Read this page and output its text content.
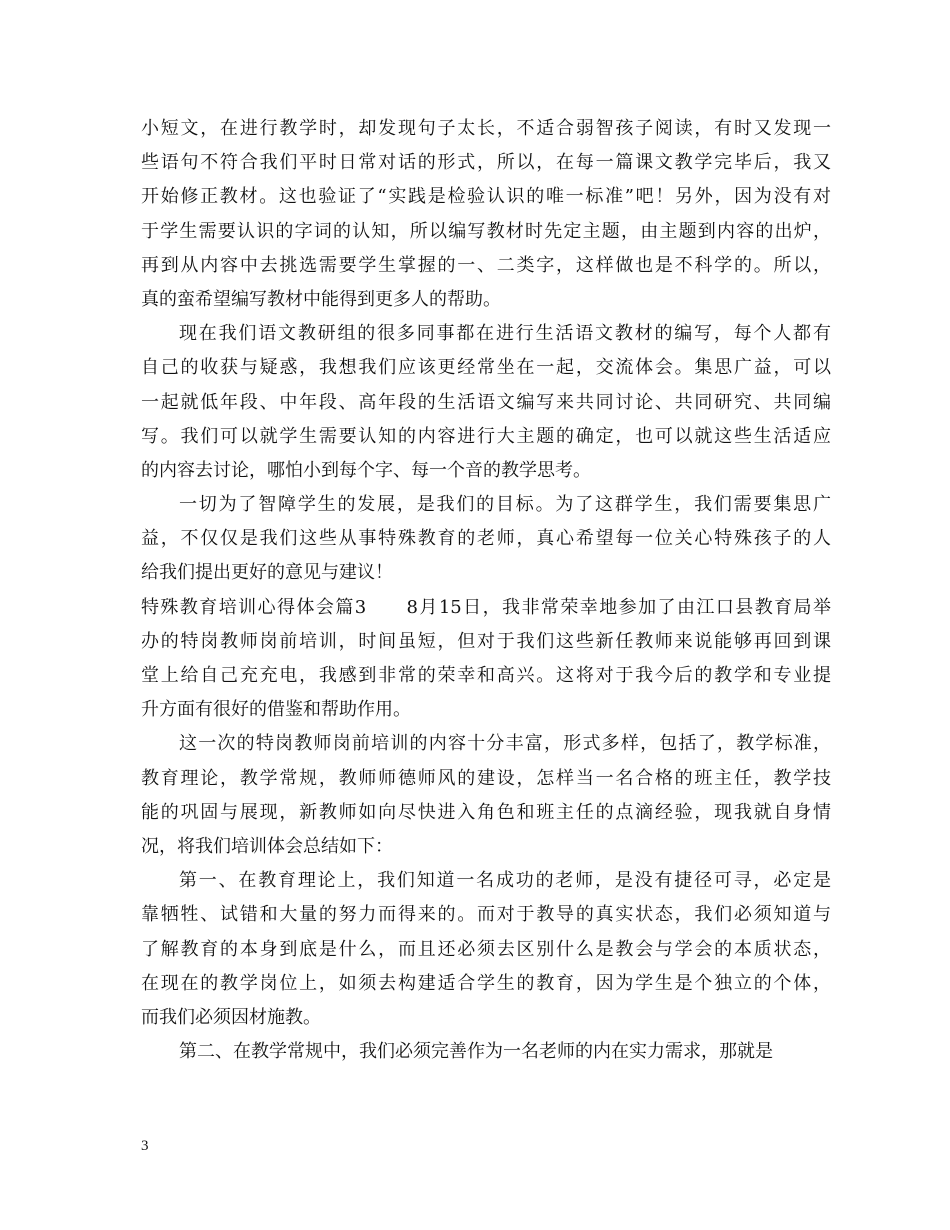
小短文，在进行教学时，却发现句子太长，不适合弱智孩子阅读，有时又发现一
些语句不符合我们平时日常对话的形式，所以，在每一篇课文教学完毕后，我又
开始修正教材。这也验证了“实践是检验认识的唯一标准”吧！另外，因为没有对
于学生需要认识的字词的认知，所以编写教材时先定主题，由主题到内容的出炉，
再到从内容中去挑选需要学生掌握的一、二类字，这样做也是不科学的。所以，
真的蛮希望编写教材中能得到更多人的帮助。
现在我们语文教研组的很多同事都在进行生活语文教材的编写，每个人都有
自己的收获与疑惑，我想我们应该更经常坐在一起，交流体会。集思广益，可以
一起就低年段、中年段、高年段的生活语文编写来共同讨论、共同研究、共同编
写。我们可以就学生需要认知的内容进行大主题的确定，也可以就这些生活适应
的内容去讨论，哪怕小到每个字、每一个音的教学思考。
一切为了智障学生的发展，是我们的目标。为了这群学生，我们需要集思广
益，不仅仅是我们这些从事特殊教育的老师，真心希望每一位关心特殊孩子的人
给我们提出更好的意见与建议！
特殊教育培训心得体会篇3　　8月15日，我非常荣幸地参加了由江口县教育局举
办的特岗教师岗前培训，时间虽短，但对于我们这些新任教师来说能够再回到课
堂上给自己充充电，我感到非常的荣幸和高兴。这将对于我今后的教学和专业提
升方面有很好的借鉴和帮助作用。
这一次的特岗教师岗前培训的内容十分丰富，形式多样，包括了，教学标准，
教育理论，教学常规，教师师德师风的建设，怎样当一名合格的班主任，教学技
能的巩固与展现，新教师如向尽快进入角色和班主任的点滴经验，现我就自身情
况，将我们培训体会总结如下：
第一、在教育理论上，我们知道一名成功的老师，是没有捷径可寻，必定是
靠牺牲、试错和大量的努力而得来的。而对于教导的真实状态，我们必须知道与
了解教育的本身到底是什么，而且还必须去区别什么是教会与学会的本质状态，
在现在的教学岗位上，如须去构建适合学生的教育，因为学生是个独立的个体，
而我们必须因材施教。
第二、在教学常规中，我们必须完善作为一名老师的内在实力需求，那就是
3
